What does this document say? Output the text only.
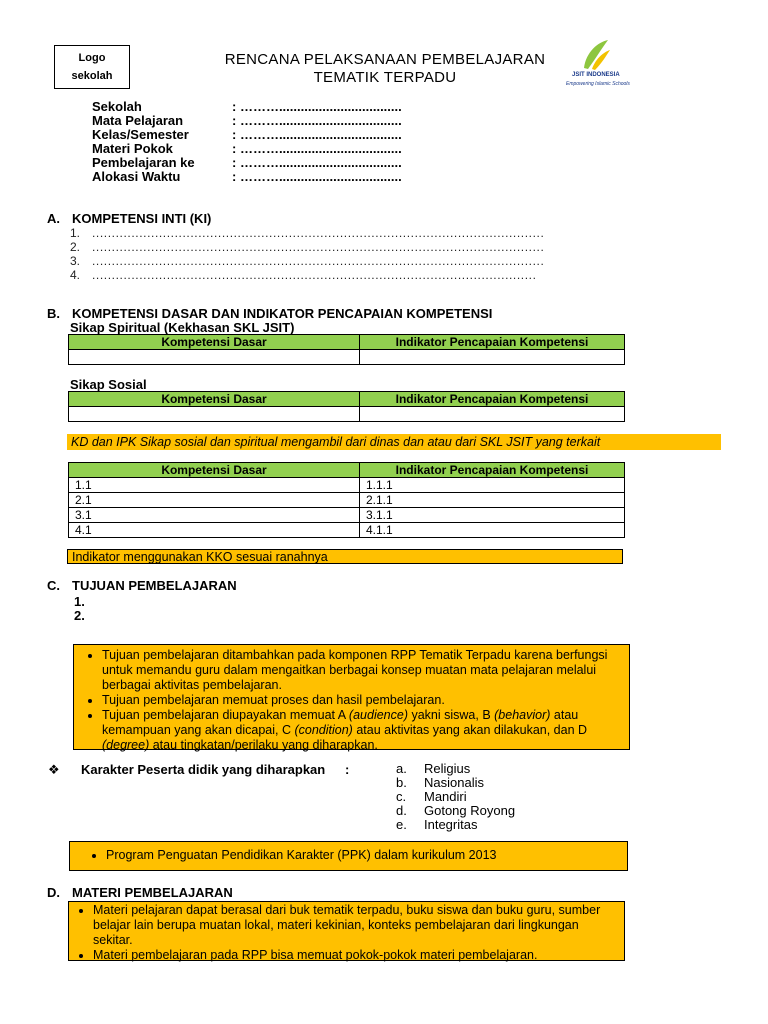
Logo
sekolah
RENCANA PELAKSANAAN PEMBELAJARAN
TEMATIK TERPADU	JSIT INDONESIA
Empowering Islamic Schools
Sekolah	: ………..................................
Mata Pelajaran	: ………..................................
Kelas/Semester	: ………..................................
Materi Pokok	: ………..................................
Pembelajaran ke	: ………..................................
Alokasi Waktu	: ………..................................
A. KOMPETENSI INTI (KI)
1. ...................................................................................................................
2. ...................................................................................................................
3. ...................................................................................................................
4. .................................................................................................................
B. KOMPETENSI DASAR DAN INDIKATOR PENCAPAIAN KOMPETENSI
Sikap Spiritual (Kekhasan SKL JSIT)
Kompetensi Dasar	Indikator Pencapaian Kompetensi

Sikap Sosial
Kompetensi Dasar	Indikator Pencapaian Kompetensi

KD dan IPK Sikap sosial dan spiritual mengambil dari dinas dan atau dari SKL JSIT yang terkait
Kompetensi Dasar	Indikator Pencapaian Kompetensi
1.1	1.1.1
2.1	2.1.1
3.1	3.1.1
4.1	4.1.1
Indikator menggunakan KKO sesuai ranahnya
C. TUJUAN PEMBELAJARAN
1.
2.
• Tujuan pembelajaran ditambahkan pada komponen RPP Tematik Terpadu karena berfungsi untuk memandu guru dalam mengaitkan berbagai konsep muatan mata pelajaran melalui berbagai aktivitas pembelajaran.
• Tujuan pembelajaran memuat proses dan hasil pembelajaran.
• Tujuan pembelajaran diupayakan memuat A (audience) yakni siswa, B (behavior) atau kemampuan yang akan dicapai, C (condition) atau aktivitas yang akan dilakukan, dan D (degree) atau tingkatan/perilaku yang diharapkan.
❖ Karakter Peserta didik yang diharapkan :	a. Religius
b. Nasionalis
c. Mandiri
d. Gotong Royong
e. Integritas
• Program Penguatan Pendidikan Karakter (PPK) dalam kurikulum 2013
D. MATERI PEMBELAJARAN
• Materi pelajaran dapat berasal dari buk tematik terpadu, buku siswa dan buku guru, sumber belajar lain berupa muatan lokal, materi kekinian, konteks pembelajaran dari lingkungan sekitar.
• Materi pembelajaran pada RPP bisa memuat pokok-pokok materi pembelajaran.
